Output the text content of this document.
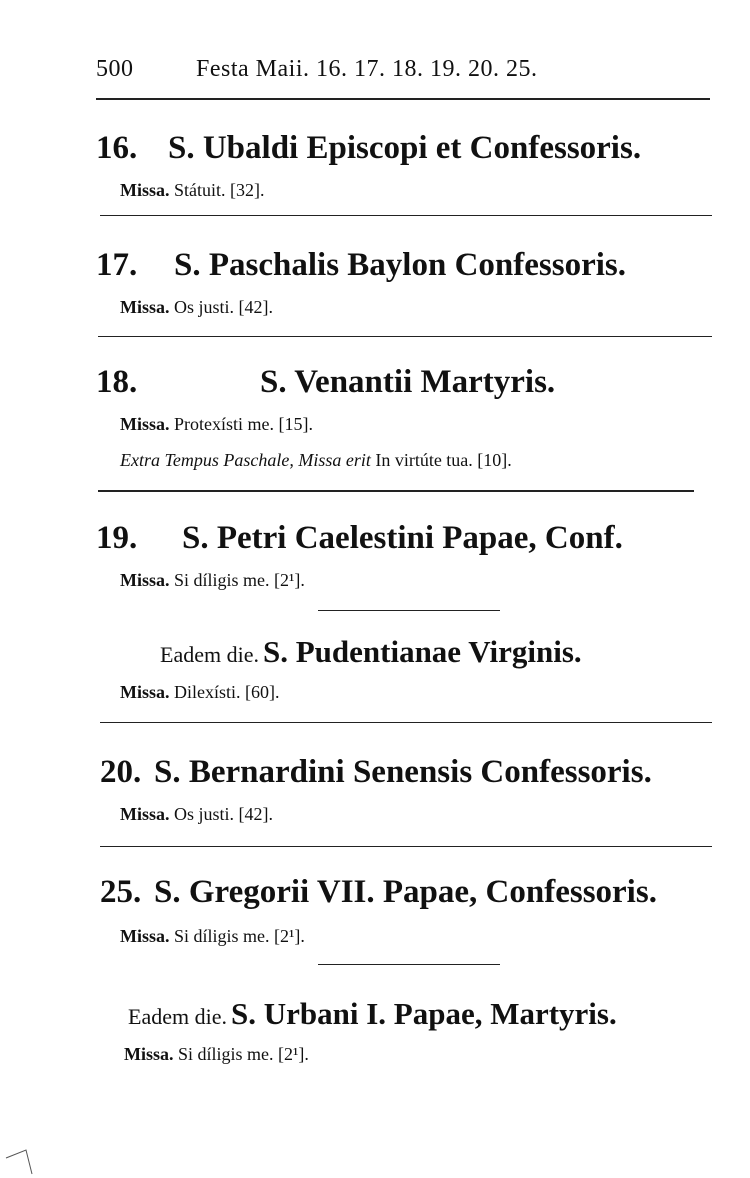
500	Festa Maii. 16. 17. 18. 19. 20. 25.
16. S. Ubaldi Episcopi et Confessoris.
Missa. Státuit. [32].
17. S. Paschalis Baylon Confessoris.
Missa. Os justi. [42].
18.	S. Venantii Martyris.
Missa. Protexísti me. [15].
Extra Tempus Paschale, Missa erit In virtúte tua. [10].
19. S. Petri Caelestini Papae, Conf.
Missa. Si díligis me. [2¹].
Eadem die. S. Pudentianae Virginis.
Missa. Dilexísti. [60].
20. S. Bernardini Senensis Confessoris.
Missa. Os justi. [42].
25. S. Gregorii VII. Papae, Confessoris.
Missa. Si díligis me. [2¹].
Eadem die. S. Urbani I. Papae, Martyris.
Missa. Si díligis me. [2¹].
